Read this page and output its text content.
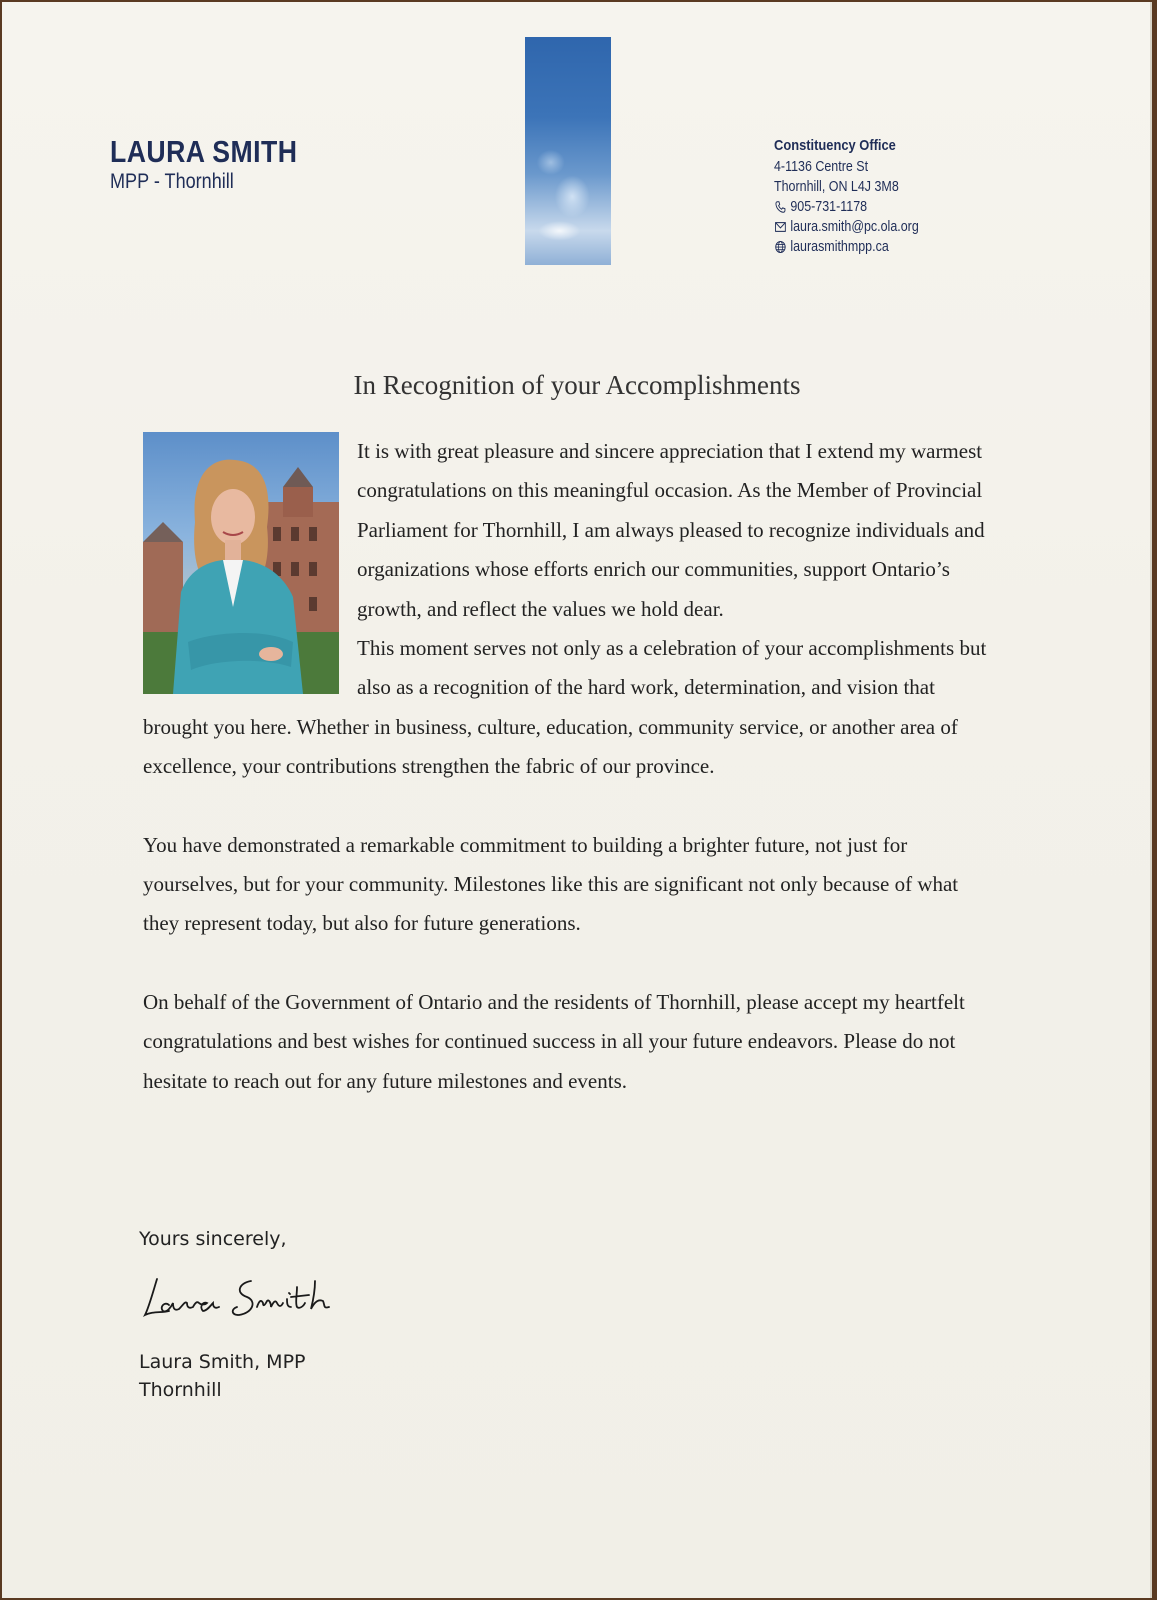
LAURA SMITH
MPP - Thornhill
Constituency Office
4-1136 Centre St
Thornhill, ON L4J 3M8
905-731-1178
laura.smith@pc.ola.org
laurasmithmpp.ca
In Recognition of your Accomplishments

It is with great pleasure and sincere appreciation that I extend my warmest congratulations on this meaningful occasion. As the Member of Provincial Parliament for Thornhill, I am always pleased to recognize individuals and organizations whose efforts enrich our communities, support Ontario’s growth, and reflect the values we hold dear.

This moment serves not only as a celebration of your accomplishments but also as a recognition of the hard work, determination, and vision that brought you here. Whether in business, culture, education, community service, or another area of excellence, your contributions strengthen the fabric of our province.

You have demonstrated a remarkable commitment to building a brighter future, not just for yourselves, but for your community. Milestones like this are significant not only because of what they represent today, but also for future generations.

On behalf of the Government of Ontario and the residents of Thornhill, please accept my heartfelt congratulations and best wishes for continued success in all your future endeavors. Please do not hesitate to reach out for any future milestones and events.

Yours sincerely,
Laura Smith, MPP
Thornhill
